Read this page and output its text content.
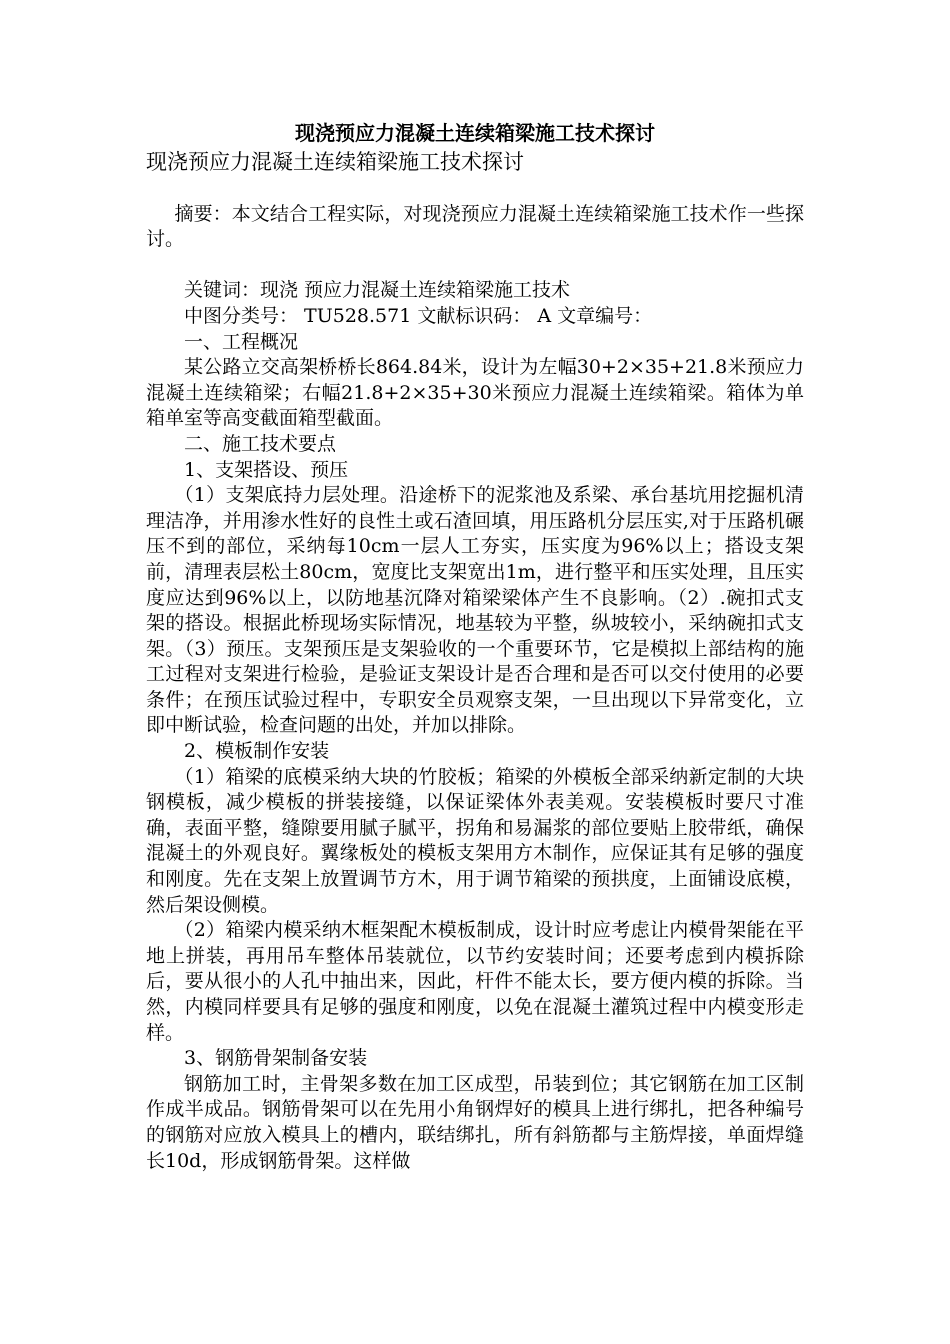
现浇预应力混凝土连续箱梁施工技术探讨

现浇预应力混凝土连续箱梁施工技术探讨

摘要：本文结合工程实际，对现浇预应力混凝土连续箱梁施工技术作一些探讨。

关键词：现浇 预应力混凝土连续箱梁施工技术

中图分类号： TU528.571 文献标识码： A 文章编号：

一、工程概况

某公路立交高架桥桥长864.84米，设计为左幅30+2×35+21.8米预应力混凝土连续箱梁；右幅21.8+2×35+30米预应力混凝土连续箱梁。箱体为单箱单室等高变截面箱型截面。

二、施工技术要点

1、支架搭设、预压

（1）支架底持力层处理。沿途桥下的泥浆池及系梁、承台基坑用挖掘机清理洁净，并用渗水性好的良性土或石渣回填，用压路机分层压实,对于压路机碾压不到的部位，采纳每10cm一层人工夯实，压实度为96%以上；搭设支架前，清理表层松土80cm，宽度比支架宽出1m，进行整平和压实处理，且压实度应达到96%以上，以防地基沉降对箱梁梁体产生不良影响。（2）.碗扣式支架的搭设。根据此桥现场实际情况，地基较为平整，纵坡较小，采纳碗扣式支架。（3）预压。支架预压是支架验收的一个重要环节，它是模拟上部结构的施工过程对支架进行检验，是验证支架设计是否合理和是否可以交付使用的必要条件；在预压试验过程中，专职安全员观察支架，一旦出现以下异常变化，立即中断试验，检查问题的出处，并加以排除。

2、模板制作安装

（1）箱梁的底模采纳大块的竹胶板；箱梁的外模板全部采纳新定制的大块钢模板，减少模板的拼装接缝，以保证梁体外表美观。安装模板时要尺寸准确，表面平整，缝隙要用腻子腻平，拐角和易漏浆的部位要贴上胶带纸，确保混凝土的外观良好。翼缘板处的模板支架用方木制作，应保证其有足够的强度和刚度。先在支架上放置调节方木，用于调节箱梁的预拱度，上面铺设底模，然后架设侧模。

（2）箱梁内模采纳木框架配木模板制成，设计时应考虑让内模骨架能在平地上拼装，再用吊车整体吊装就位，以节约安装时间；还要考虑到内模拆除后，要从很小的人孔中抽出来，因此，杆件不能太长，要方便内模的拆除。当然，内模同样要具有足够的强度和刚度，以免在混凝土灌筑过程中内模变形走样。

3、钢筋骨架制备安装

钢筋加工时，主骨架多数在加工区成型，吊装到位；其它钢筋在加工区制作成半成品。钢筋骨架可以在先用小角钢焊好的模具上进行绑扎，把各种编号的钢筋对应放入模具上的槽内，联结绑扎，所有斜筋都与主筋焊接，单面焊缝长10d，形成钢筋骨架。这样做
